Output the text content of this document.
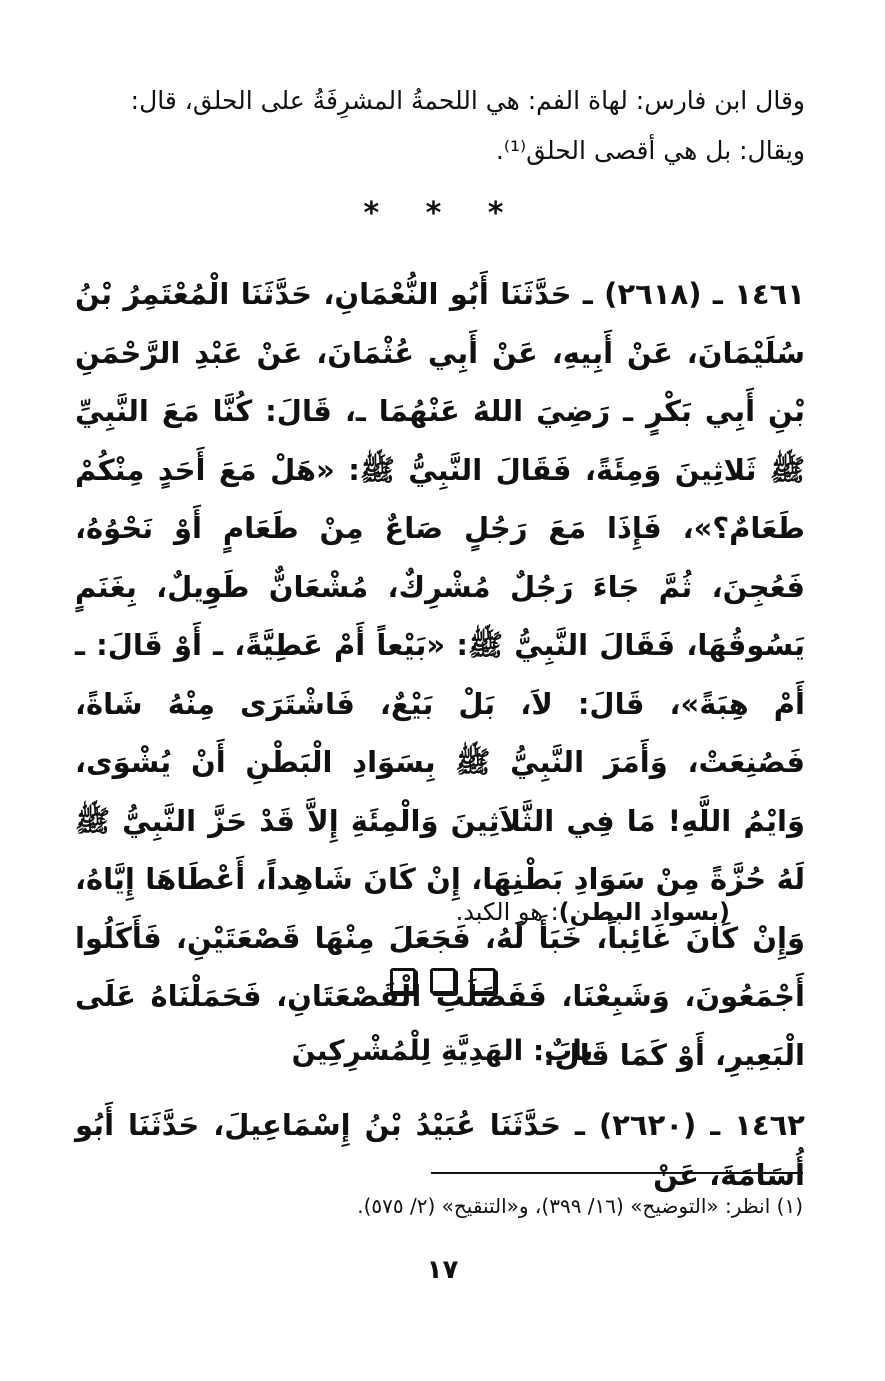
وقال ابن فارس: لهاة الفم: هي اللحمةُ المشرِفَةُ على الحلق، قال:
ويقال: بل هي أقصى الحلق⁽¹⁾.
* * *
١٤٦١ ـ (٢٦١٨) ـ حَدَّثَنَا أَبُو النُّعْمَانِ، حَدَّثَنَا الْمُعْتَمِرُ بْنُ سُلَيْمَانَ، عَنْ أَبِيهِ، عَنْ أَبِي عُثْمَانَ، عَنْ عَبْدِ الرَّحْمَنِ بْنِ أَبِي بَكْرٍ ـ رَضِيَ اللهُ عَنْهُمَا ـ، قَالَ: كُنَّا مَعَ النَّبِيِّ ﷺ ثَلاثِينَ وَمِئَةً، فَقَالَ النَّبِيُّ ﷺ: «هَلْ مَعَ أَحَدٍ مِنْكُمْ طَعَامٌ؟»، فَإِذَا مَعَ رَجُلٍ صَاعٌ مِنْ طَعَامٍ أَوْ نَحْوُهُ، فَعُجِنَ، ثُمَّ جَاءَ رَجُلٌ مُشْرِكٌ، مُشْعَانٌّ طَوِيلٌ، بِغَنَمٍ يَسُوقُهَا، فَقَالَ النَّبِيُّ ﷺ: «بَيْعاً أَمْ عَطِيَّةً، ـ أَوْ قَالَ: ـ أَمْ هِبَةً»، قَالَ: لاَ، بَلْ بَيْعٌ، فَاشْتَرَى مِنْهُ شَاةً، فَصُنِعَتْ، وَأَمَرَ النَّبِيُّ ﷺ بِسَوَادِ الْبَطْنِ أَنْ يُشْوَى، وَايْمُ اللَّهِ! مَا فِي الثَّلاَثِينَ وَالْمِئَةِ إِلاَّ قَدْ حَزَّ النَّبِيُّ ﷺ لَهُ حُزَّةً مِنْ سَوَادِ بَطْنِهَا، إِنْ كَانَ شَاهِداً، أَعْطَاهَا إِيَّاهُ، وَإِنْ كَانَ غَائِباً، خَبَأَ لَهُ، فَجَعَلَ مِنْهَا قَصْعَتَيْنِ، فَأَكَلُوا أَجْمَعُونَ، وَشَبِعْنَا، فَفَضَلَتِ الْقَصْعَتَانِ، فَحَمَلْنَاهُ عَلَى الْبَعِيرِ، أَوْ كَمَا قَالَ.
(بسواد البطن): هو الكبد.
بابٌ: الهَدِيَّةِ لِلْمُشْرِكِينَ
١٤٦٢ ـ (٢٦٢٠) ـ حَدَّثَنَا عُبَيْدُ بْنُ إِسْمَاعِيلَ، حَدَّثَنَا أَبُو أُسَامَةَ، عَنْ
(١) انظر: «التوضيح» (١٦/ ٣٩٩)، و«التنقيح» (٢/ ٥٧٥).
١٧
